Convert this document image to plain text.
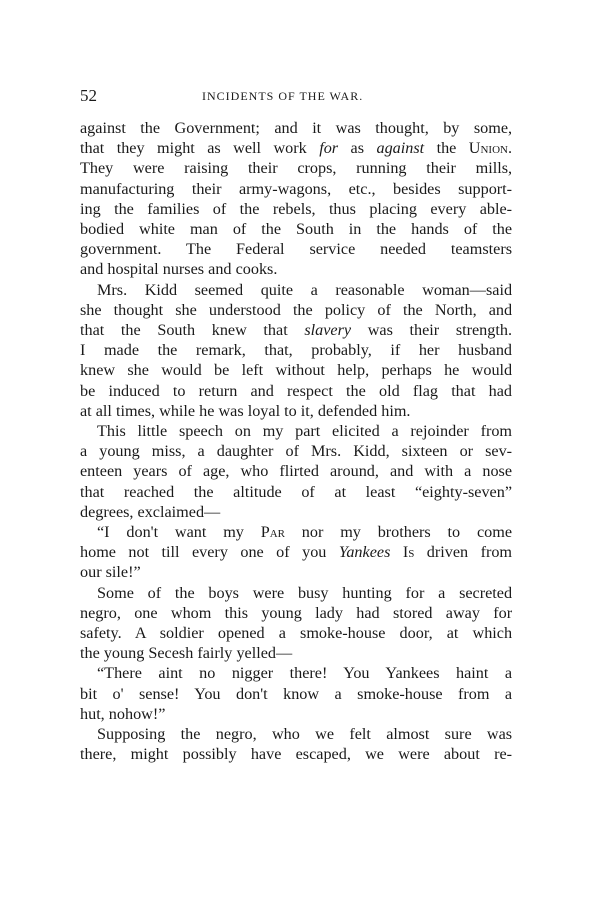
52	INCIDENTS OF THE WAR.
against the Government; and it was thought, by some,
that they might as well work for as against the Union.
They were raising their crops, running their mills,
manufacturing their army-wagons, etc., besides support-
ing the families of the rebels, thus placing every able-
bodied white man of the South in the hands of the
government. The Federal service needed teamsters
and hospital nurses and cooks.
Mrs. Kidd seemed quite a reasonable woman—said
she thought she understood the policy of the North, and
that the South knew that slavery was their strength.
I made the remark, that, probably, if her husband
knew she would be left without help, perhaps he would
be induced to return and respect the old flag that had
at all times, while he was loyal to it, defended him.
This little speech on my part elicited a rejoinder from
a young miss, a daughter of Mrs. Kidd, sixteen or sev-
enteen years of age, who flirted around, and with a nose
that reached the altitude of at least “eighty-seven”
degrees, exclaimed—
“I don't want my Par nor my brothers to come
home not till every one of you Yankees Is driven from
our sile!”
Some of the boys were busy hunting for a secreted
negro, one whom this young lady had stored away for
safety. A soldier opened a smoke-house door, at which
the young Secesh fairly yelled—
“There aint no nigger there! You Yankees haint a
bit o' sense! You don't know a smoke-house from a
hut, nohow!”
Supposing the negro, who we felt almost sure was
there, might possibly have escaped, we were about re-
